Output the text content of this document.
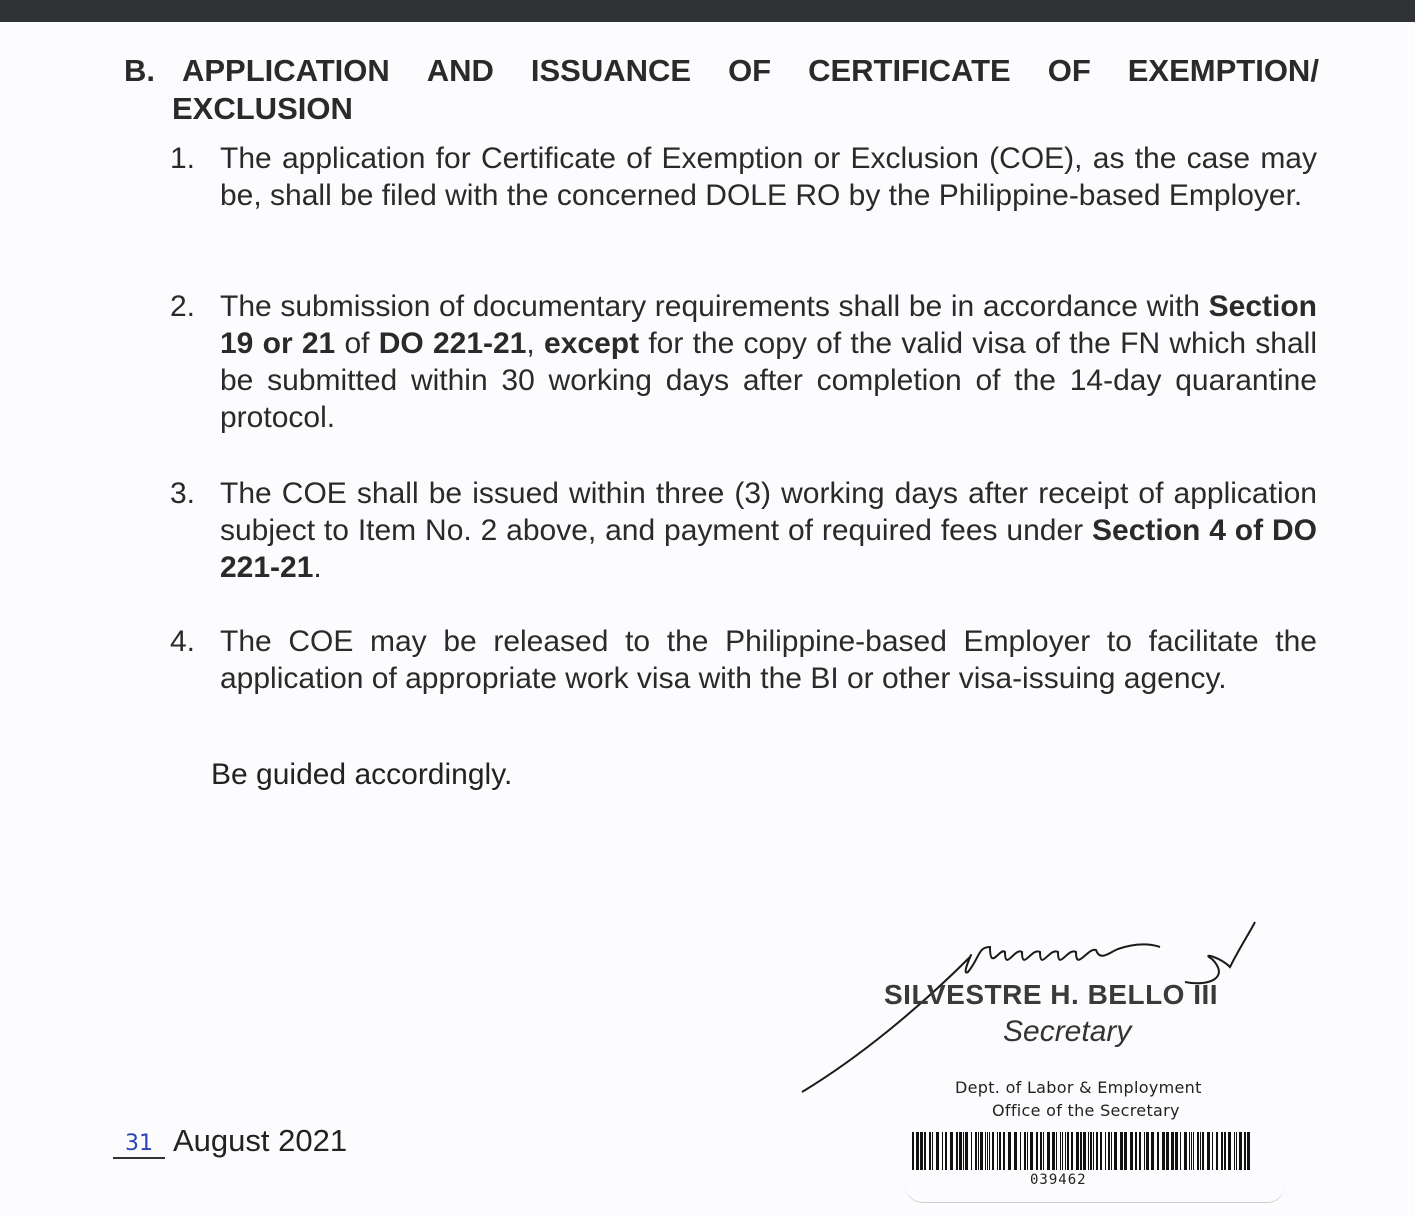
B. APPLICATION AND ISSUANCE OF CERTIFICATE OF EXEMPTION/
EXCLUSION
1. The application for Certificate of Exemption or Exclusion (COE), as the case may be, shall be filed with the concerned DOLE RO by the Philippine-based Employer.
2. The submission of documentary requirements shall be in accordance with Section 19 or 21 of DO 221-21, except for the copy of the valid visa of the FN which shall be submitted within 30 working days after completion of the 14-day quarantine protocol.
3. The COE shall be issued within three (3) working days after receipt of application subject to Item No. 2 above, and payment of required fees under Section 4 of DO 221-21.
4. The COE may be released to the Philippine-based Employer to facilitate the application of appropriate work visa with the BI or other visa-issuing agency.
Be guided accordingly.
SILVESTRE H. BELLO III
Secretary
31 August 2021
Dept. of Labor & Employment
Office of the Secretary
039462
